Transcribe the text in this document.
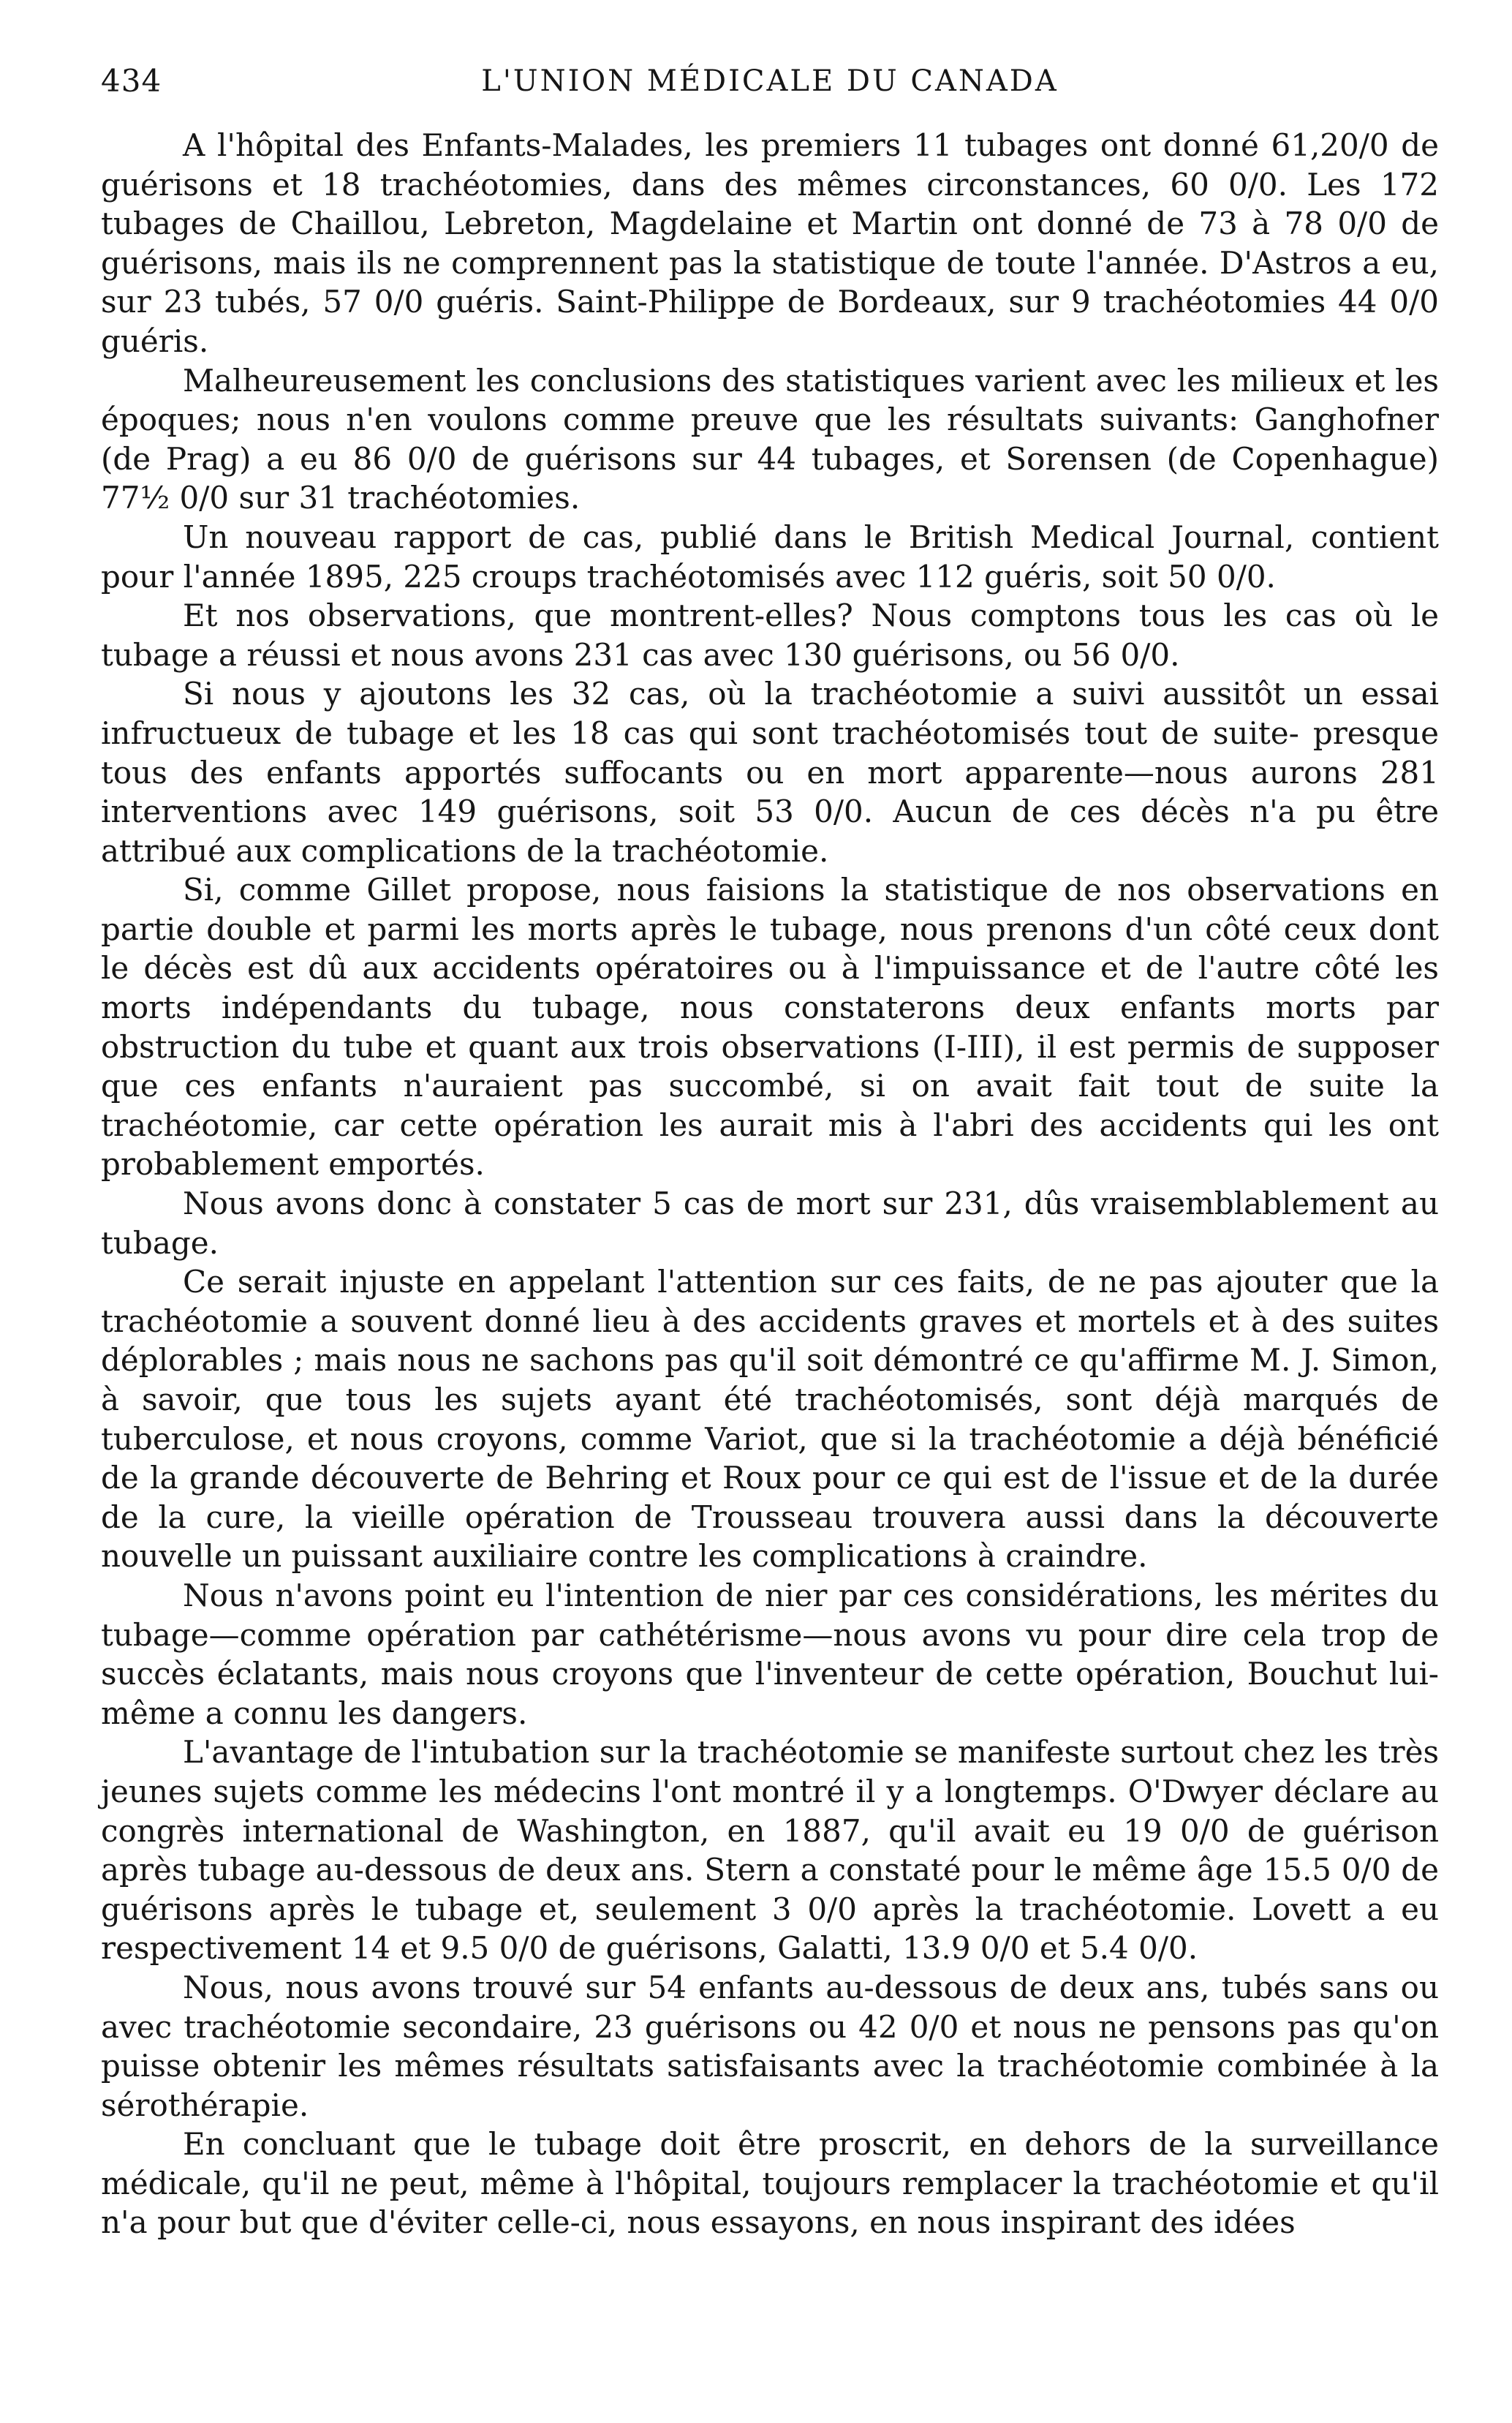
434	L'UNION MÉDICALE DU CANADA

A l'hôpital des Enfants-Malades, les premiers 11 tubages ont donné 61,20/0 de guérisons et 18 trachéotomies, dans des mêmes circonstances, 60 0/0. Les 172 tubages de Chaillou, Lebreton, Magdelaine et Martin ont donné de 73 à 78 0/0 de guérisons, mais ils ne comprennent pas la statistique de toute l'année. D'Astros a eu, sur 23 tubés, 57 0/0 guéris. Saint-Philippe de Bordeaux, sur 9 trachéotomies 44 0/0 guéris.

Malheureusement les conclusions des statistiques varient avec les milieux et les époques; nous n'en voulons comme preuve que les résultats suivants: Ganghofner (de Prag) a eu 86 0/0 de guérisons sur 44 tubages, et Sorensen (de Copenhague) 77½ 0/0 sur 31 trachéotomies.

Un nouveau rapport de cas, publié dans le British Medical Journal, contient pour l'année 1895, 225 croups trachéotomisés avec 112 guéris, soit 50 0/0.

Et nos observations, que montrent-elles? Nous comptons tous les cas où le tubage a réussi et nous avons 231 cas avec 130 guérisons, ou 56 0/0.

Si nous y ajoutons les 32 cas, où la trachéotomie a suivi aussitôt un essai infructueux de tubage et les 18 cas qui sont trachéotomisés tout de suite- presque tous des enfants apportés suffocants ou en mort apparente—nous aurons 281 interventions avec 149 guérisons, soit 53 0/0. Aucun de ces décès n'a pu être attribué aux complications de la trachéotomie.

Si, comme Gillet propose, nous faisions la statistique de nos observations en partie double et parmi les morts après le tubage, nous prenons d'un côté ceux dont le décès est dû aux accidents opératoires ou à l'impuissance et de l'autre côté les morts indépendants du tubage, nous constaterons deux enfants morts par obstruction du tube et quant aux trois observations (I-III), il est permis de supposer que ces enfants n'auraient pas succombé, si on avait fait tout de suite la trachéotomie, car cette opération les aurait mis à l'abri des accidents qui les ont probablement emportés.

Nous avons donc à constater 5 cas de mort sur 231, dûs vraisemblablement au tubage.

Ce serait injuste en appelant l'attention sur ces faits, de ne pas ajouter que la trachéotomie a souvent donné lieu à des accidents graves et mortels et à des suites déplorables ; mais nous ne sachons pas qu'il soit démontré ce qu'affirme M. J. Simon, à savoir, que tous les sujets ayant été trachéotomisés, sont déjà marqués de tuberculose, et nous croyons, comme Variot, que si la trachéotomie a déjà bénéficié de la grande découverte de Behring et Roux pour ce qui est de l'issue et de la durée de la cure, la vieille opération de Trousseau trouvera aussi dans la découverte nouvelle un puissant auxiliaire contre les complications à craindre.

Nous n'avons point eu l'intention de nier par ces considérations, les mérites du tubage—comme opération par cathétérisme—nous avons vu pour dire cela trop de succès éclatants, mais nous croyons que l'inventeur de cette opération, Bouchut lui-même a connu les dangers.

L'avantage de l'intubation sur la trachéotomie se manifeste surtout chez les très jeunes sujets comme les médecins l'ont montré il y a longtemps. O'Dwyer déclare au congrès international de Washington, en 1887, qu'il avait eu 19 0/0 de guérison après tubage au-dessous de deux ans. Stern a constaté pour le même âge 15.5 0/0 de guérisons après le tubage et, seulement 3 0/0 après la trachéotomie. Lovett a eu respectivement 14 et 9.5 0/0 de guérisons, Galatti, 13.9 0/0 et 5.4 0/0.

Nous, nous avons trouvé sur 54 enfants au-dessous de deux ans, tubés sans ou avec trachéotomie secondaire, 23 guérisons ou 42 0/0 et nous ne pensons pas qu'on puisse obtenir les mêmes résultats satisfaisants avec la trachéotomie combinée à la sérothérapie.

En concluant que le tubage doit être proscrit, en dehors de la surveillance médicale, qu'il ne peut, même à l'hôpital, toujours remplacer la trachéotomie et qu'il n'a pour but que d'éviter celle-ci, nous essayons, en nous inspirant des idées
